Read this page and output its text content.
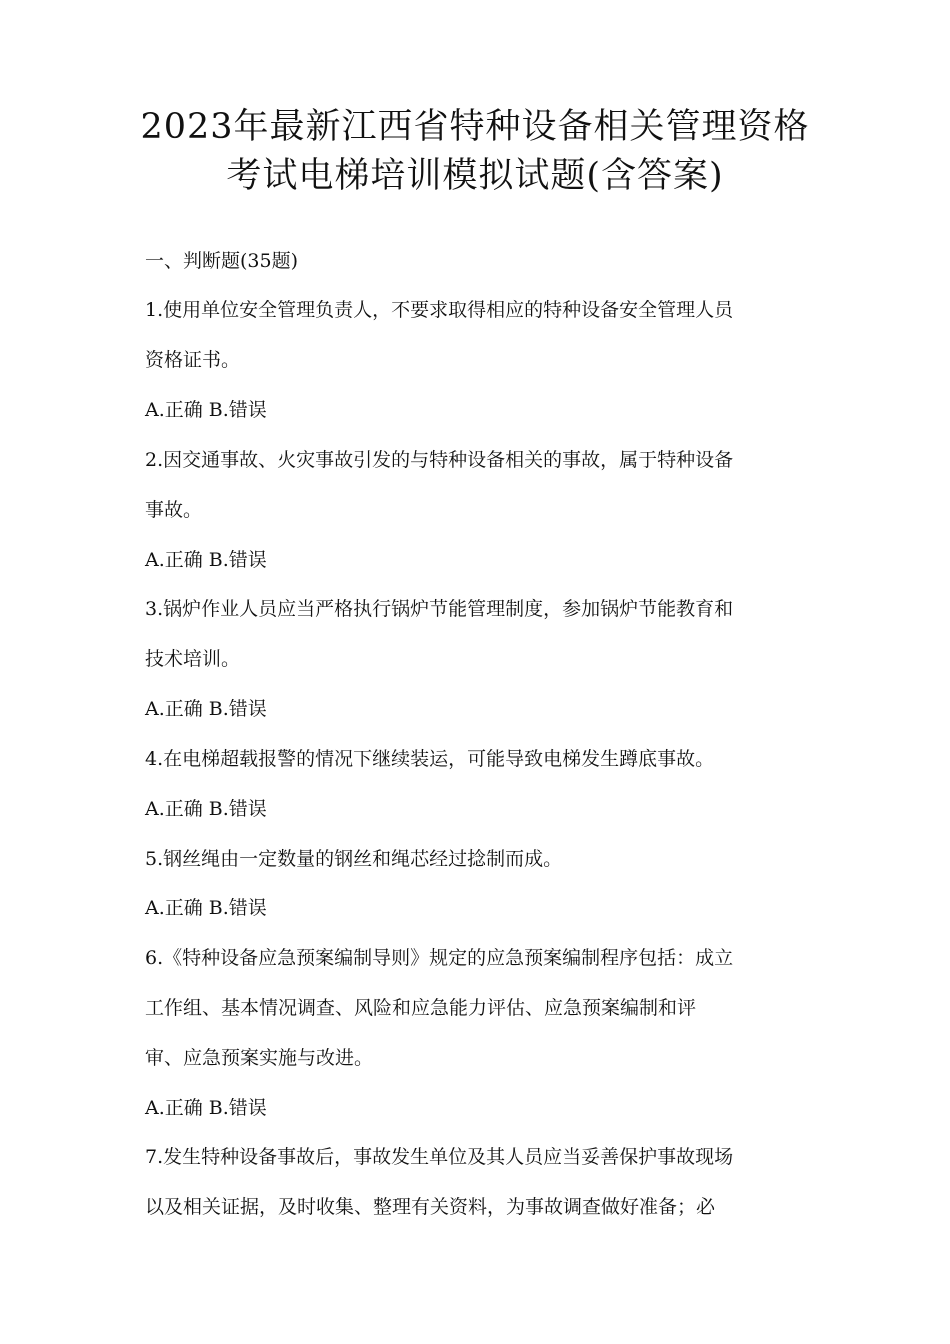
2023年最新江西省特种设备相关管理资格
考试电梯培训模拟试题(含答案)
一、判断题(35题)
1.使用单位安全管理负责人，不要求取得相应的特种设备安全管理人员
资格证书。
A.正确 B.错误
2.因交通事故、火灾事故引发的与特种设备相关的事故，属于特种设备
事故。
A.正确 B.错误
3.锅炉作业人员应当严格执行锅炉节能管理制度，参加锅炉节能教育和
技术培训。
A.正确 B.错误
4.在电梯超载报警的情况下继续装运，可能导致电梯发生蹲底事故。
A.正确 B.错误
5.钢丝绳由一定数量的钢丝和绳芯经过捻制而成。
A.正确 B.错误
6.《特种设备应急预案编制导则》规定的应急预案编制程序包括：成立
工作组、基本情况调查、风险和应急能力评估、应急预案编制和评
审、应急预案实施与改进。
A.正确 B.错误
7.发生特种设备事故后，事故发生单位及其人员应当妥善保护事故现场
以及相关证据，及时收集、整理有关资料，为事故调查做好准备；必
